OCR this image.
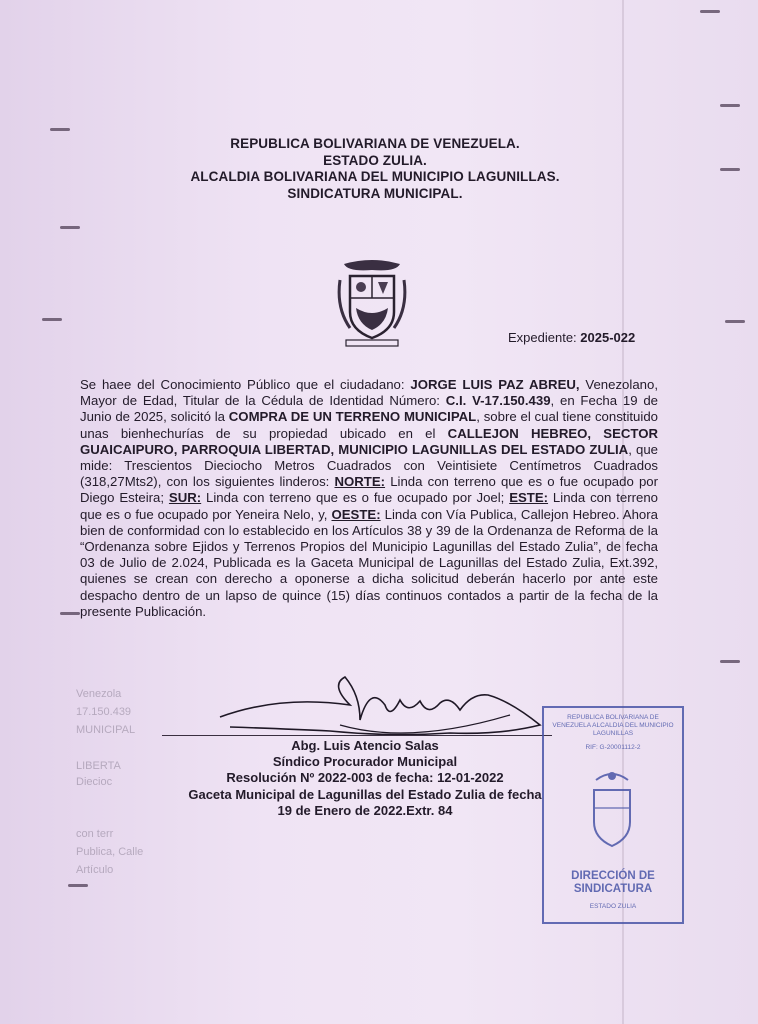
REPUBLICA BOLIVARIANA DE VENEZUELA.
ESTADO ZULIA.
ALCALDIA BOLIVARIANA DEL MUNICIPIO LAGUNILLAS.
SINDICATURA MUNICIPAL.
Expediente: 2025-022
Se haee del Conocimiento Público que el ciudadano: JORGE LUIS PAZ ABREU, Venezolano, Mayor de Edad, Titular de la Cédula de Identidad Número: C.I. V-17.150.439, en Fecha 19 de Junio de 2025, solicitó la COMPRA DE UN TERRENO MUNICIPAL, sobre el cual tiene constituido unas bienhechurías de su propiedad ubicado en el CALLEJON HEBREO, SECTOR GUAICAIPURO, PARROQUIA LIBERTAD, MUNICIPIO LAGUNILLAS DEL ESTADO ZULIA, que mide: Trescientos Dieciocho Metros Cuadrados con Veintisiete Centímetros Cuadrados (318,27Mts2), con los siguientes linderos: NORTE: Linda con terreno que es o fue ocupado por Diego Esteira; SUR: Linda con terreno que es o fue ocupado por Joel; ESTE: Linda con terreno que es o fue ocupado por Yeneira Nelo, y, OESTE: Linda con Vía Publica, Callejon Hebreo. Ahora bien de conformidad con lo establecido en los Artículos 38 y 39 de la Ordenanza de Reforma de la “Ordenanza sobre Ejidos y Terrenos Propios del Municipio Lagunillas del Estado Zulia”, de fecha 03 de Julio de 2.024, Publicada es la Gaceta Municipal de Lagunillas del Estado Zulia, Ext.392, quienes se crean con derecho a oponerse a dicha solicitud deberán hacerlo por ante este despacho dentro de un lapso de quince (15) días continuos contados a partir de la fecha de la presente Publicación.
Venezola
17.150.439
MUNICIPAL
LIBERTA
Diecioc
con terr
Publica, Calle
Artículo
Abg. Luis Atencio Salas
Síndico Procurador Municipal
Resolución Nº 2022-003 de fecha: 12-01-2022
Gaceta Municipal de Lagunillas del Estado Zulia de fecha
19 de Enero de 2022.Extr. 84
REPUBLICA BOLIVARIANA DE VENEZUELA ALCALDIA DEL MUNICIPIO LAGUNILLAS
RIF: G-20001112-2
DIRECCIÓN DE
SINDICATURA
ESTADO ZULIA
